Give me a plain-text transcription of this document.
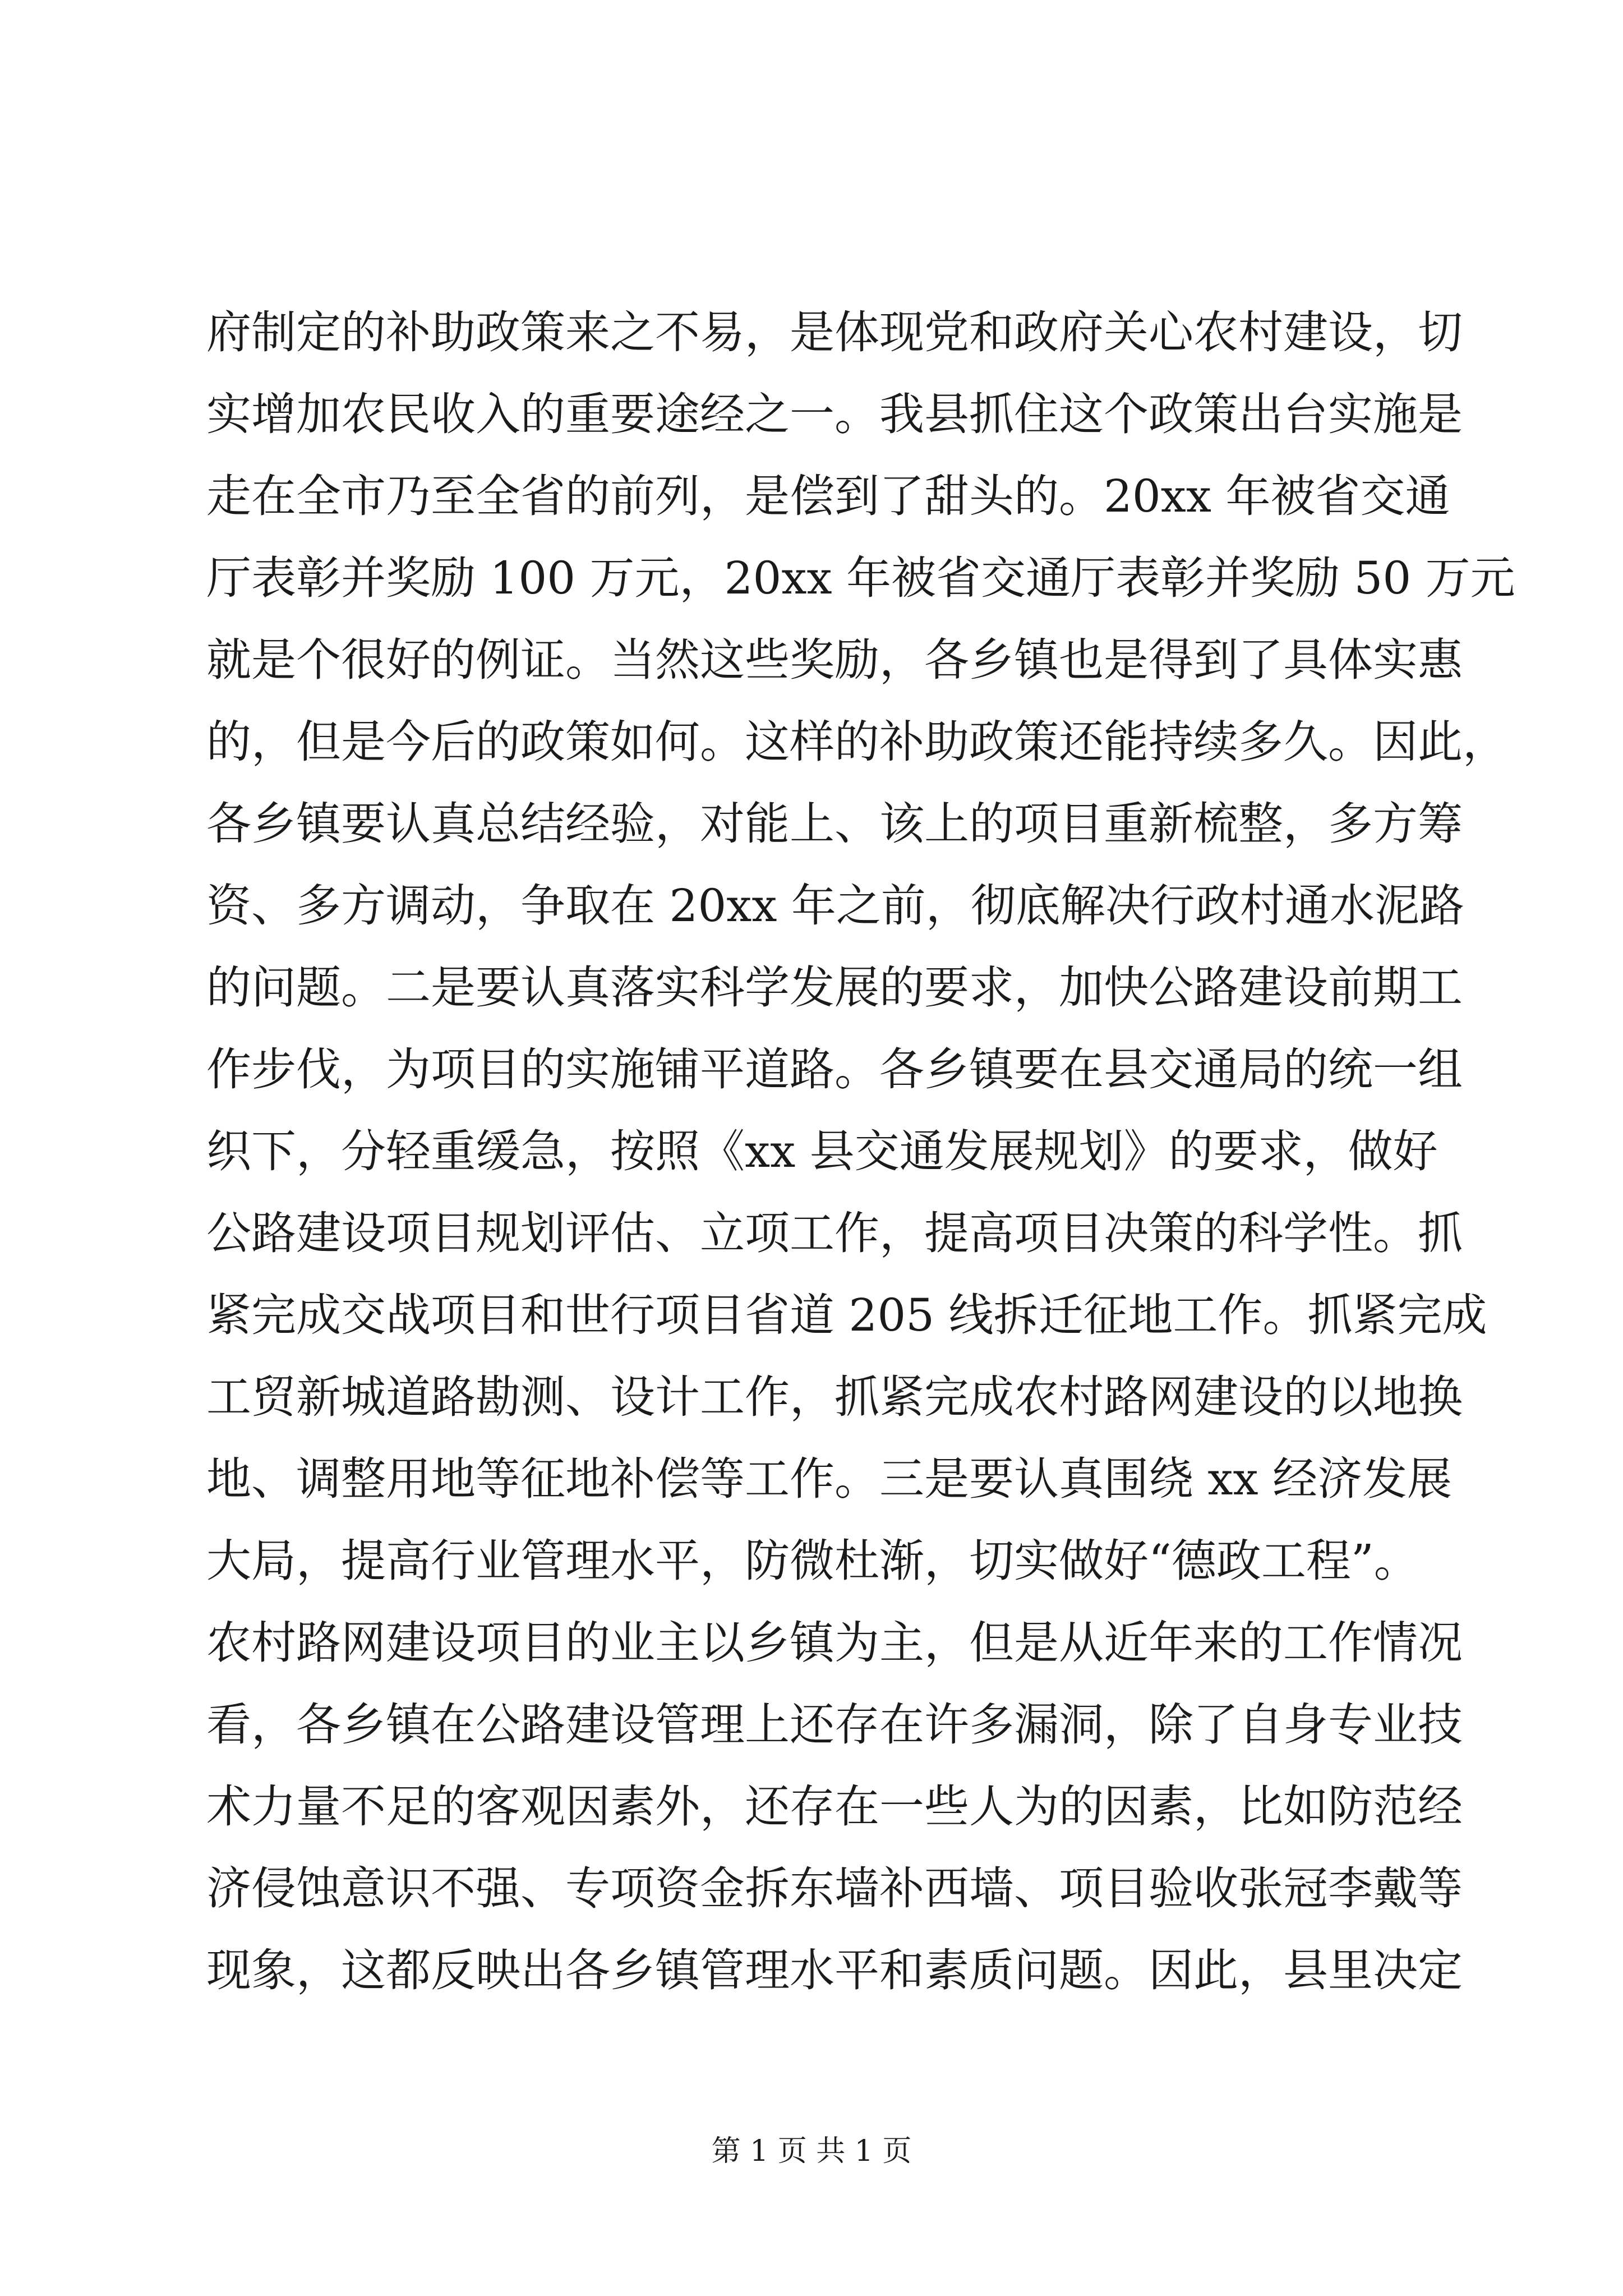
府制定的补助政策来之不易，是体现党和政府关心农村建设，切
实增加农民收入的重要途经之一。我县抓住这个政策出台实施是
走在全市乃至全省的前列，是偿到了甜头的。20xx 年被省交通
厅表彰并奖励 100 万元，20xx 年被省交通厅表彰并奖励 50 万元
就是个很好的例证。当然这些奖励，各乡镇也是得到了具体实惠
的，但是今后的政策如何。这样的补助政策还能持续多久。因此，
各乡镇要认真总结经验，对能上、该上的项目重新梳整，多方筹
资、多方调动，争取在 20xx 年之前，彻底解决行政村通水泥路
的问题。二是要认真落实科学发展的要求，加快公路建设前期工
作步伐，为项目的实施铺平道路。各乡镇要在县交通局的统一组
织下，分轻重缓急，按照《xx 县交通发展规划》的要求，做好
公路建设项目规划评估、立项工作，提高项目决策的科学性。抓
紧完成交战项目和世行项目省道 205 线拆迁征地工作。抓紧完成
工贸新城道路勘测、设计工作，抓紧完成农村路网建设的以地换
地、调整用地等征地补偿等工作。三是要认真围绕 xx 经济发展
大局，提高行业管理水平，防微杜渐，切实做好“德政工程”。
农村路网建设项目的业主以乡镇为主，但是从近年来的工作情况
看，各乡镇在公路建设管理上还存在许多漏洞，除了自身专业技
术力量不足的客观因素外，还存在一些人为的因素，比如防范经
济侵蚀意识不强、专项资金拆东墙补西墙、项目验收张冠李戴等
现象，这都反映出各乡镇管理水平和素质问题。因此，县里决定
第 1 页 共 1 页
